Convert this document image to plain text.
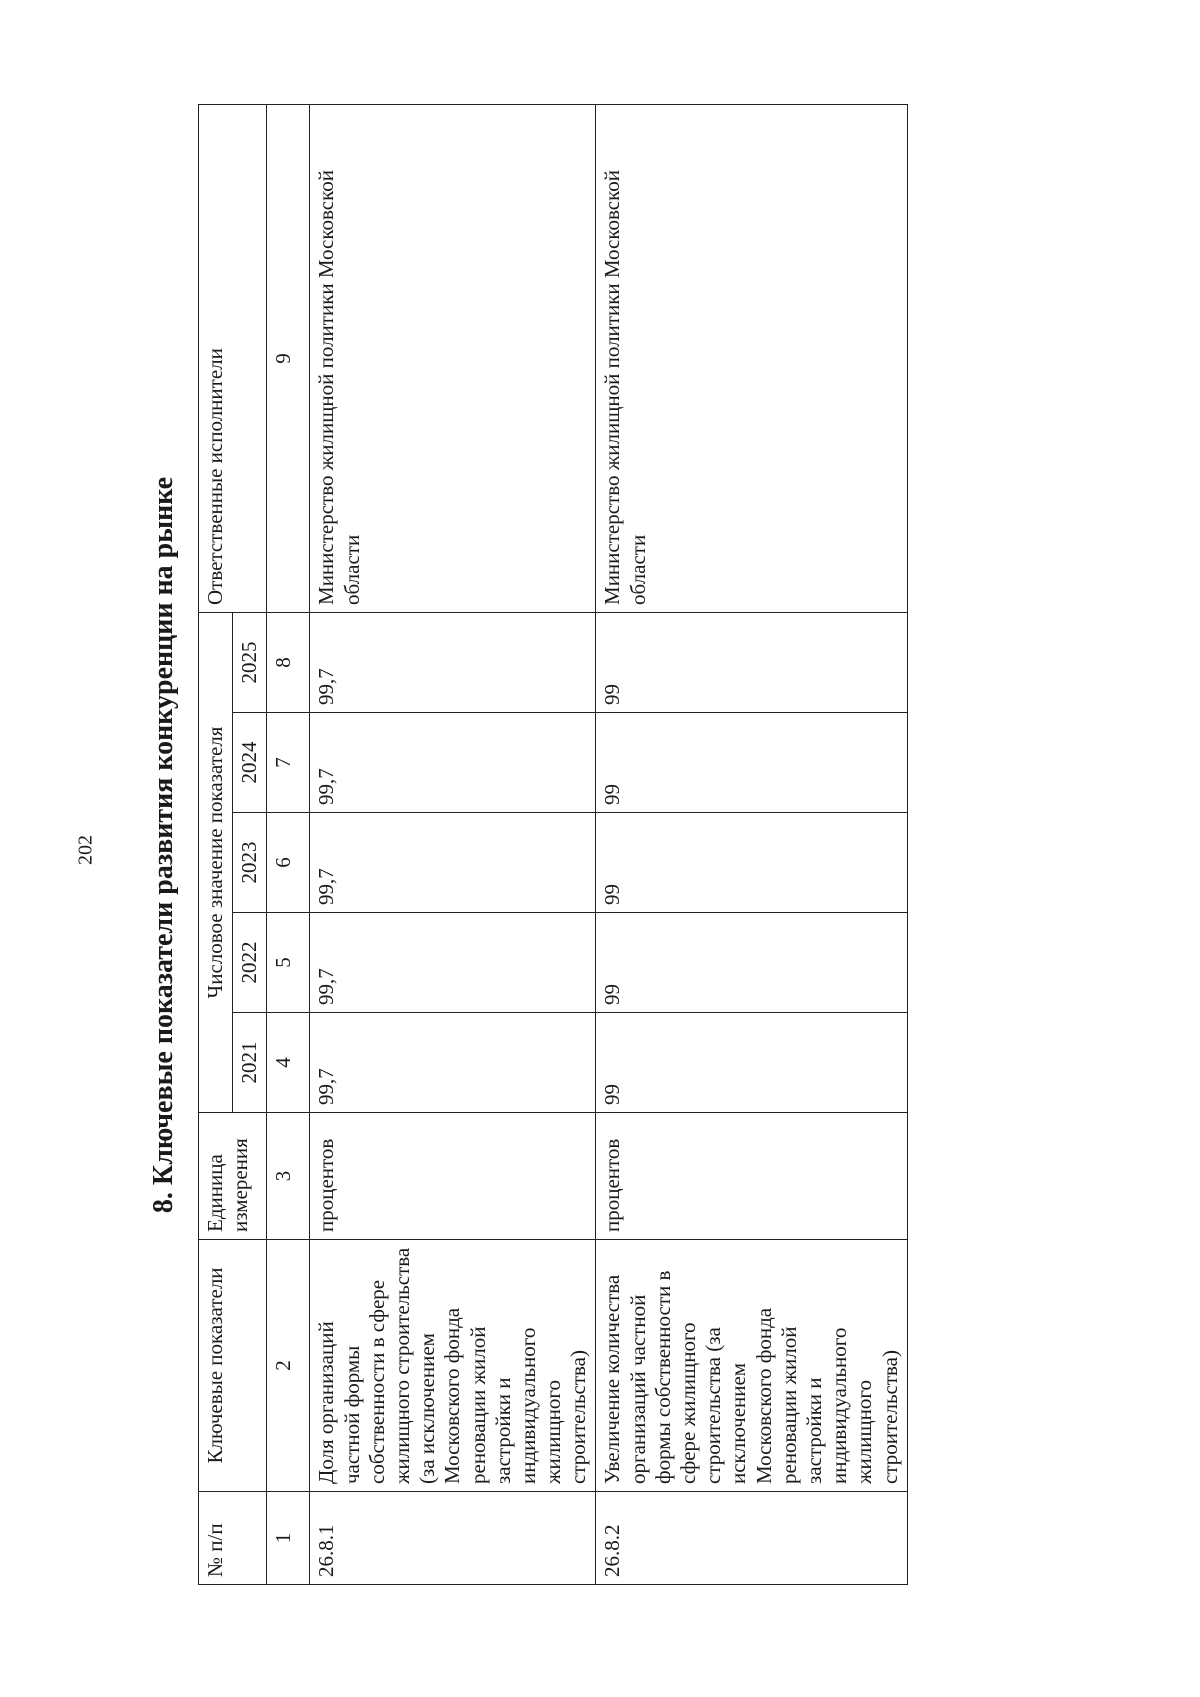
202 8. Ключевые показатели развития конкуренции на рынке
№ п/п	Ключевые показатели	Единица измерения	Числовое значение показателя					Ответственные исполнители
			2021	2022	2023	2024	2025	
1	2	3	4	5	6	7	8	9
26.8.1	Доля организаций частной формы собственности в сфере жилищного строительства (за исключением Московского фонда реновации жилой застройки и индивидуального жилищного строительства)	процентов	99,7	99,7	99,7	99,7	99,7	Министерство жилищной политики Московской области
26.8.2	Увеличение количества организаций частной формы собственности в сфере жилищного строительства (за исключением Московского фонда реновации жилой застройки и индивидуального жилищного строительства)	процентов	99	99	99	99	99	Министерство жилищной политики Московской области
